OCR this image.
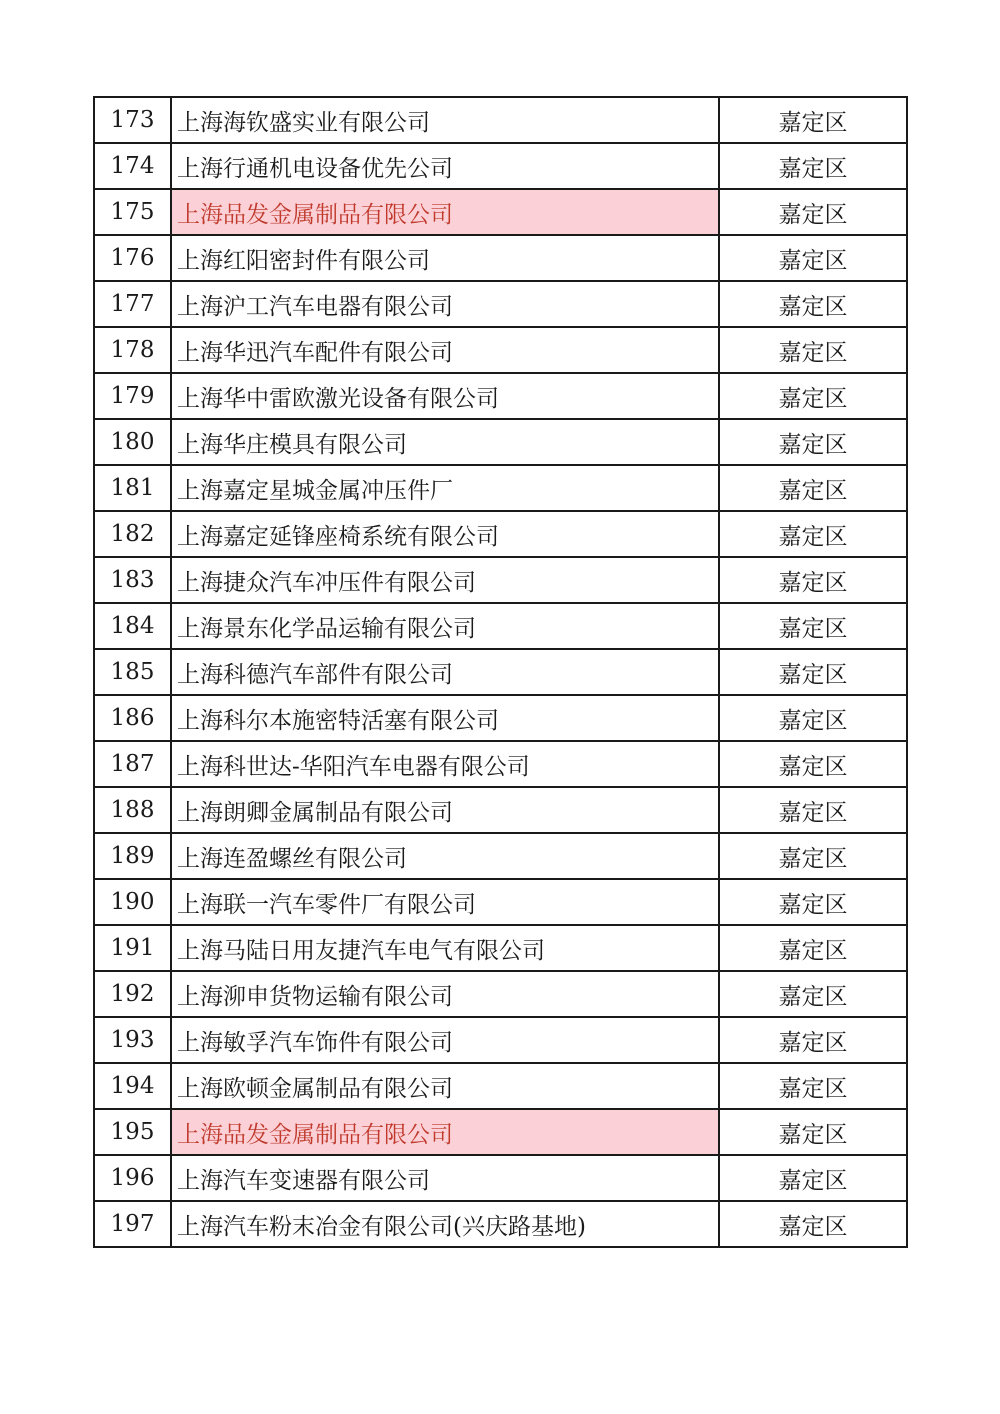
173	上海海钦盛实业有限公司	嘉定区
174	上海行通机电设备优先公司	嘉定区
175	上海品发金属制品有限公司	嘉定区
176	上海红阳密封件有限公司	嘉定区
177	上海沪工汽车电器有限公司	嘉定区
178	上海华迅汽车配件有限公司	嘉定区
179	上海华中雷欧激光设备有限公司	嘉定区
180	上海华庄模具有限公司	嘉定区
181	上海嘉定星城金属冲压件厂	嘉定区
182	上海嘉定延锋座椅系统有限公司	嘉定区
183	上海捷众汽车冲压件有限公司	嘉定区
184	上海景东化学品运输有限公司	嘉定区
185	上海科德汽车部件有限公司	嘉定区
186	上海科尔本施密特活塞有限公司	嘉定区
187	上海科世达-华阳汽车电器有限公司	嘉定区
188	上海朗卿金属制品有限公司	嘉定区
189	上海连盈螺丝有限公司	嘉定区
190	上海联一汽车零件厂有限公司	嘉定区
191	上海马陆日用友捷汽车电气有限公司	嘉定区
192	上海泖申货物运输有限公司	嘉定区
193	上海敏孚汽车饰件有限公司	嘉定区
194	上海欧顿金属制品有限公司	嘉定区
195	上海品发金属制品有限公司	嘉定区
196	上海汽车变速器有限公司	嘉定区
197	上海汽车粉末冶金有限公司(兴庆路基地)	嘉定区
